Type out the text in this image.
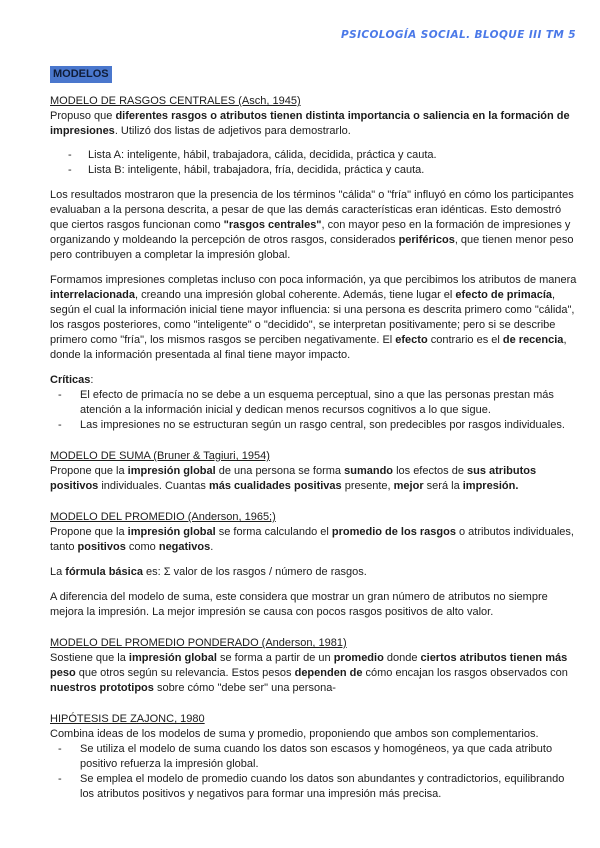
PSICOLOGÍA SOCIAL. BLOQUE III TM 5
MODELOS
MODELO DE RASGOS CENTRALES (Asch, 1945)
Propuso que diferentes rasgos o atributos tienen distinta importancia o saliencia en la formación de impresiones. Utilizó dos listas de adjetivos para demostrarlo.
-	Lista A: inteligente, hábil, trabajadora, cálida, decidida, práctica y cauta.
-	Lista B: inteligente, hábil, trabajadora, fría, decidida, práctica y cauta.
Los resultados mostraron que la presencia de los términos "cálida" o "fría" influyó en cómo los participantes evaluaban a la persona descrita, a pesar de que las demás características eran idénticas. Esto demostró que ciertos rasgos funcionan como "rasgos centrales", con mayor peso en la formación de impresiones y organizando y moldeando la percepción de otros rasgos, considerados periféricos, que tienen menor peso pero contribuyen a completar la impresión global.
Formamos impresiones completas incluso con poca información, ya que percibimos los atributos de manera interrelacionada, creando una impresión global coherente. Además, tiene lugar el efecto de primacía, según el cual la información inicial tiene mayor influencia: si una persona es descrita primero como "cálida", los rasgos posteriores, como "inteligente" o "decidido", se interpretan positivamente; pero si se describe primero como "fría", los mismos rasgos se perciben negativamente. El efecto contrario es el de recencia, donde la información presentada al final tiene mayor impacto.
Críticas:
-	El efecto de primacía no se debe a un esquema perceptual, sino a que las personas prestan más atención a la información inicial y dedican menos recursos cognitivos a lo que sigue.
-	Las impresiones no se estructuran según un rasgo central, son predecibles por rasgos individuales.
MODELO DE SUMA (Bruner & Tagiuri, 1954)
Propone que la impresión global de una persona se forma sumando los efectos de sus atributos positivos individuales. Cuantas más cualidades positivas presente, mejor será la impresión.
MODELO DEL PROMEDIO (Anderson, 1965;)
Propone que la impresión global se forma calculando el promedio de los rasgos o atributos individuales, tanto positivos como negativos.
La fórmula básica es: Σ valor de los rasgos / número de rasgos.
A diferencia del modelo de suma, este considera que mostrar un gran número de atributos no siempre mejora la impresión. La mejor impresión se causa con pocos rasgos positivos de alto valor.
MODELO DEL PROMEDIO PONDERADO (Anderson, 1981)
Sostiene que la impresión global se forma a partir de un promedio donde ciertos atributos tienen más peso que otros según su relevancia. Estos pesos dependen de cómo encajan los rasgos observados con nuestros prototipos sobre cómo "debe ser" una persona-
HIPÓTESIS DE ZAJONC, 1980
Combina ideas de los modelos de suma y promedio, proponiendo que ambos son complementarios.
-	Se utiliza el modelo de suma cuando los datos son escasos y homogéneos, ya que cada atributo positivo refuerza la impresión global.
-	Se emplea el modelo de promedio cuando los datos son abundantes y contradictorios, equilibrando los atributos positivos y negativos para formar una impresión más precisa.
